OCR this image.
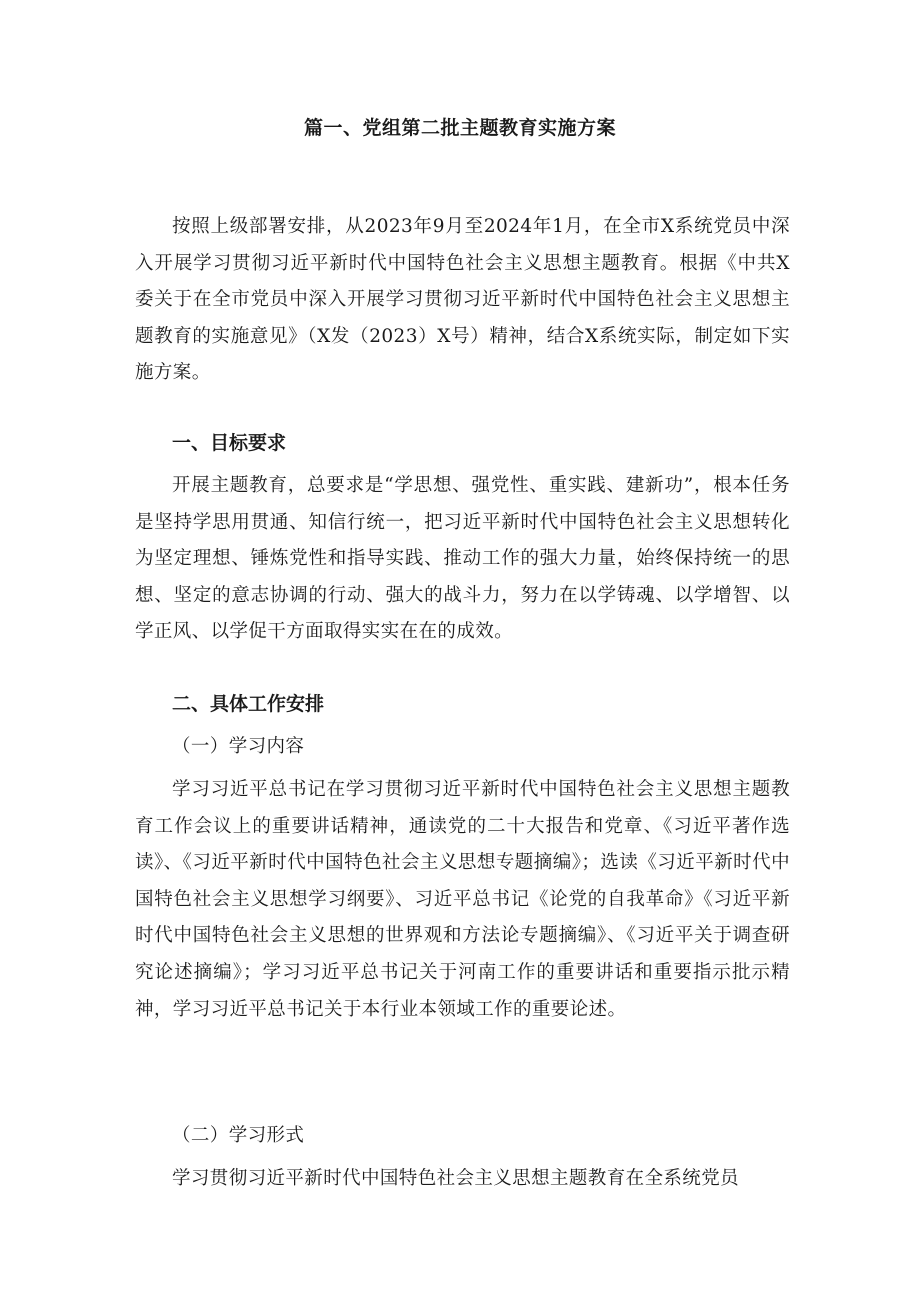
篇一、党组第二批主题教育实施方案

按照上级部署安排，从2023年9月至2024年1月，在全市X系统党员中深入开展学习贯彻习近平新时代中国特色社会主义思想主题教育。根据《中共X委关于在全市党员中深入开展学习贯彻习近平新时代中国特色社会主义思想主题教育的实施意见》（X发（2023）X号）精神，结合X系统实际，制定如下实施方案。

一、目标要求

开展主题教育，总要求是“学思想、强党性、重实践、建新功”，根本任务是坚持学思用贯通、知信行统一，把习近平新时代中国特色社会主义思想转化为坚定理想、锤炼党性和指导实践、推动工作的强大力量，始终保持统一的思想、坚定的意志协调的行动、强大的战斗力，努力在以学铸魂、以学增智、以学正风、以学促干方面取得实实在在的成效。

二、具体工作安排

（一）学习内容

学习习近平总书记在学习贯彻习近平新时代中国特色社会主义思想主题教育工作会议上的重要讲话精神，通读党的二十大报告和党章、《习近平著作选读》、《习近平新时代中国特色社会主义思想专题摘编》；选读《习近平新时代中国特色社会主义思想学习纲要》、习近平总书记《论党的自我革命》《习近平新时代中国特色社会主义思想的世界观和方法论专题摘编》、《习近平关于调查研究论述摘编》；学习习近平总书记关于河南工作的重要讲话和重要指示批示精神，学习习近平总书记关于本行业本领域工作的重要论述。

（二）学习形式

学习贯彻习近平新时代中国特色社会主义思想主题教育在全系统党员
